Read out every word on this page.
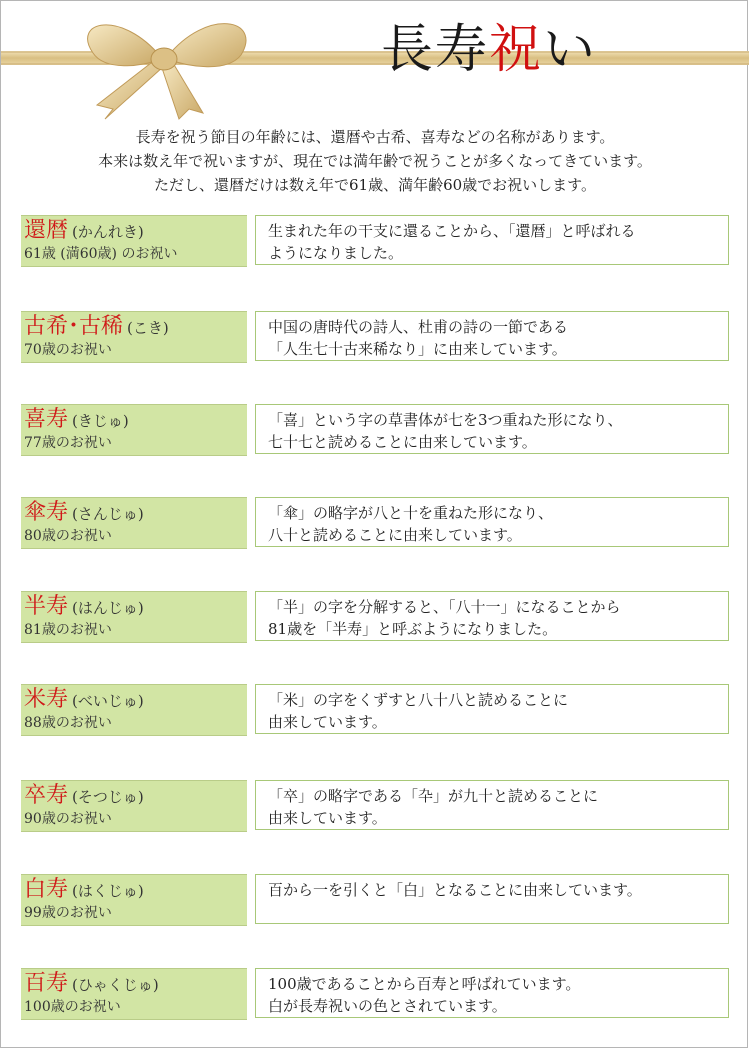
長寿祝い

長寿を祝う節目の年齢には、還暦や古希、喜寿などの名称があります。

本来は数え年で祝いますが、現在では満年齢で祝うことが多くなってきています。

ただし、還暦だけは数え年で61歳、満年齢60歳でお祝いします。

還暦 (かんれき)
61歳 (満60歳) のお祝い

生まれた年の干支に還ることから、「還暦」と呼ばれる

ようになりました。

古希･古稀 (こき)
70歳のお祝い

中国の唐時代の詩人、杜甫の詩の一節である

「人生七十古来稀なり」に由来しています。

喜寿 (きじゅ)
77歳のお祝い

「喜」という字の草書体が七を3つ重ねた形になり、

七十七と読めることに由来しています。

傘寿 (さんじゅ)
80歳のお祝い

「傘」の略字が八と十を重ねた形になり、

八十と読めることに由来しています。

半寿 (はんじゅ)
81歳のお祝い

「半」の字を分解すると、「八十一」になることから

81歳を「半寿」と呼ぶようになりました。

米寿 (べいじゅ)
88歳のお祝い

「米」の字をくずすと八十八と読めることに

由来しています。

卒寿 (そつじゅ)
90歳のお祝い

「卒」の略字である「卆」が九十と読めることに

由来しています。

白寿 (はくじゅ)
99歳のお祝い

百から一を引くと「白」となることに由来しています。

百寿 (ひゃくじゅ)
100歳のお祝い

100歳であることから百寿と呼ばれています。

白が長寿祝いの色とされています。
